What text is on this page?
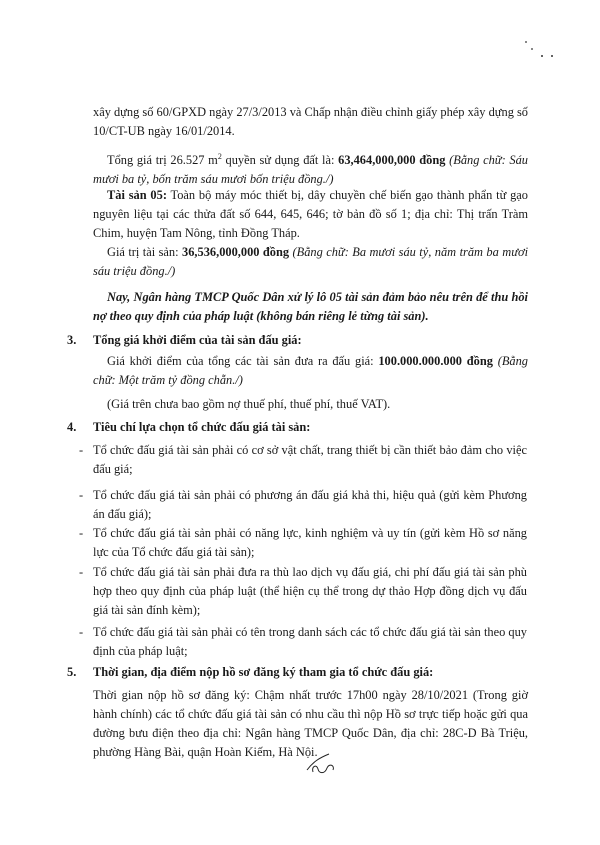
xây dựng số 60/GPXD ngày 27/3/2013 và Chấp nhận điều chỉnh giấy phép xây dựng số 10/CT-UB ngày 16/01/2014.

Tổng giá trị 26.527 $m^2$ quyền sử dụng đất là: 63,464,000,000 đồng (Bằng chữ: Sáu mươi ba tỷ, bốn trăm sáu mươi bốn triệu đồng./)

Tài sản 05: Toàn bộ máy móc thiết bị, dây chuyền chế biến gạo thành phẩn từ gạo nguyên liệu tại các thửa đất số 644, 645, 646; tờ bản đồ số 1; địa chỉ: Thị trấn Tràm Chim, huyện Tam Nông, tỉnh Đồng Tháp.

Giá trị tài sản: 36,536,000,000 đồng (Bằng chữ: Ba mươi sáu tỷ, năm trăm ba mươi sáu triệu đồng./)

Nay, Ngân hàng TMCP Quốc Dân xử lý lô 05 tài sản đảm bảo nêu trên để thu hồi nợ theo quy định của pháp luật (không bán riêng lẻ từng tài sản).

3. Tổng giá khởi điểm của tài sản đấu giá:

Giá khởi điểm của tổng các tài sản đưa ra đấu giá: 100.000.000.000 đồng (Bằng chữ: Một trăm tỷ đồng chẵn./)

(Giá trên chưa bao gồm nợ thuế phí, thuế phí, thuế VAT).

4. Tiêu chí lựa chọn tổ chức đấu giá tài sản:

- Tổ chức đấu giá tài sản phải có cơ sở vật chất, trang thiết bị cần thiết bảo đảm cho việc đấu giá;
- Tổ chức đấu giá tài sản phải có phương án đấu giá khả thi, hiệu quả (gửi kèm Phương án đấu giá);
- Tổ chức đấu giá tài sản phải có năng lực, kinh nghiệm và uy tín (gửi kèm Hồ sơ năng lực của Tổ chức đấu giá tài sản);
- Tổ chức đấu giá tài sản phải đưa ra thù lao dịch vụ đấu giá, chi phí đấu giá tài sản phù hợp theo quy định của pháp luật (thể hiện cụ thể trong dự thảo Hợp đồng dịch vụ đấu giá tài sản đính kèm);
- Tổ chức đấu giá tài sản phải có tên trong danh sách các tổ chức đấu giá tài sản theo quy định của pháp luật;

5. Thời gian, địa điểm nộp hồ sơ đăng ký tham gia tổ chức đấu giá:

Thời gian nộp hồ sơ đăng ký: Chậm nhất trước 17h00 ngày 28/10/2021 (Trong giờ hành chính) các tổ chức đấu giá tài sản có nhu cầu thì nộp Hồ sơ trực tiếp hoặc gửi qua đường bưu điện theo địa chỉ: Ngân hàng TMCP Quốc Dân, địa chỉ: 28C-D Bà Triệu, phường Hàng Bài, quận Hoàn Kiếm, Hà Nội.
